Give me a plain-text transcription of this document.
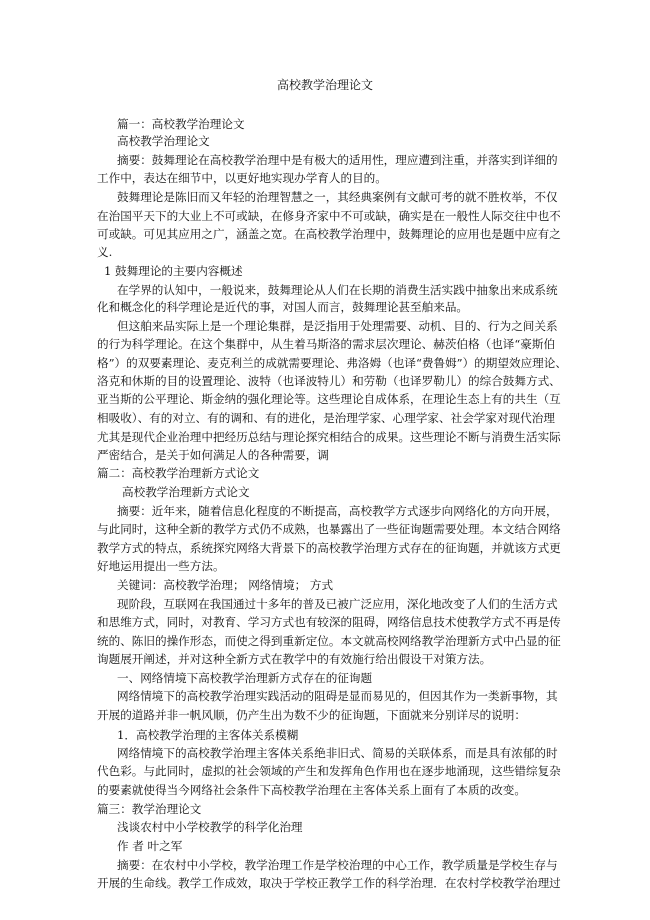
高校教学治理论文
篇一：高校教学治理论文
高校教学治理论文
摘要：鼓舞理论在高校教学治理中是有极大的适用性，理应遭到注重，并落实到详细的
工作中，表达在细节中，以更好地实现办学育人的目的。
鼓舞理论是陈旧而又年轻的治理智慧之一，其经典案例有文献可考的就不胜枚举，不仅
在治国平天下的大业上不可或缺，在修身齐家中不可或缺，确实是在一般性人际交往中也不
可或缺。可见其应用之广，涵盖之宽。在高校教学治理中，鼓舞理论的应用也是题中应有之
义.
1 鼓舞理论的主要内容概述
在学界的认知中，一般说来，鼓舞理论从人们在长期的消费生活实践中抽象出来成系统
化和概念化的科学理论是近代的事，对国人而言，鼓舞理论甚至舶来品。
但这舶来品实际上是一个理论集群，是泛指用于处理需要、动机、目的、行为之间关系
的行为科学理论。在这个集群中，从生着马斯洛的需求层次理论、赫茨伯格（也译“豪斯伯
格”）的双要素理论、麦克利兰的成就需要理论、弗洛姆（也译“费鲁姆”）的期望效应理论、
洛克和休斯的目的设置理论、波特（也译波特儿）和劳勒（也译罗勒儿）的综合鼓舞方式、
亚当斯的公平理论、斯金纳的强化理论等。这些理论自成体系，在理论生态上有的共生（互
相吸收）、有的对立、有的调和、有的进化，是治理学家、心理学家、社会学家对现代治理
尤其是现代企业治理中把经历总结与理论探究相结合的成果。这些理论不断与消费生活实际
严密结合，是关于如何满足人的各种需要，调
篇二：高校教学治理新方式论文
高校教学治理新方式论文
摘要：近年来，随着信息化程度的不断提高，高校教学方式逐步向网络化的方向开展，
与此同时，这种全新的教学方式仍不成熟，也暴露出了一些征询题需要处理。本文结合网络
教学方式的特点，系统探究网络大背景下的高校教学治理方式存在的征询题，并就该方式更
好地运用提出一些方法。
关键词：高校教学治理； 网络情境； 方式
现阶段，互联网在我国通过十多年的普及已被广泛应用，深化地改变了人们的生活方式
和思维方式，同时，对教育、学习方式也有较深的阻碍，网络信息技术使教学方式不再是传
统的、陈旧的操作形态，而使之得到重新定位。本文就高校网络教学治理新方式中凸显的征
询题展开阐述，并对这种全新方式在教学中的有效施行给出假设干对策方法。
一、网络情境下高校教学治理新方式存在的征询题
网络情境下的高校教学治理实践活动的阻碍是显而易见的，但因其作为一类新事物，其
开展的道路并非一帆风顺，仍产生出为数不少的征询题，下面就来分别详尽的说明：
1．高校教学治理的主客体关系模糊
网络情境下的高校教学治理主客体关系绝非旧式、简易的关联体系，而是具有浓郁的时
代色彩。与此同时，虚拟的社会领域的产生和发挥角色作用也在逐步地涌现，这些错综复杂
的要素就使得当今网络社会条件下高校教学治理在主客体关系上面有了本质的改变。
篇三：教学治理论文
浅谈农村中小学校教学的科学化治理
作 者 叶之军
摘要：在农村中小学校，教学治理工作是学校治理的中心工作，教学质量是学校生存与
开展的生命线。教学工作成效，取决于学校正教学工作的科学治理．在农村学校教学治理过
